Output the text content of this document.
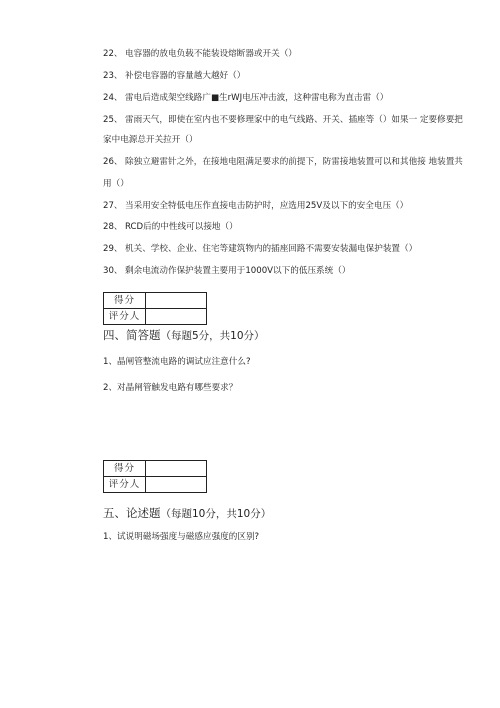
22、 电容器的放电负载不能装设熔断器或开关（）
23、 补偿电容器的容量越大越好（）
24、 雷电后造成架空线路广■生rWJ电压冲击波，这种雷电称为直击雷（）
25、 雷雨天气，即使在室内也不要修理家中的电气线路、开关、插座等（）如果一 定要修要把
家中电源总开关拉开（）
26、 除独立避雷针之外，在接地电阻满足要求的前提下，防雷接地装置可以和其他接 地装置共
用（）
27、 当采用安全特低电压作直接电击防护时，应选用25V及以下的安全电压（）
28、 RCD后的中性线可以接地（）
29、 机关、学校、企业、住宅等建筑物内的插座回路不需要安装漏电保护装置（）
30、 剩余电流动作保护装置主要用于1000V以下的低压系统（）
得分	
评分人	
四、简答题（每题5分，共10分）
1、晶闸管整流电路的调试应注意什么?
2、对晶闸管触发电路有哪些要求？
得分	
评分人	
五、论述题（每题10分，共10分）
1、试说明磁场强度与磁感应强度的区别?
